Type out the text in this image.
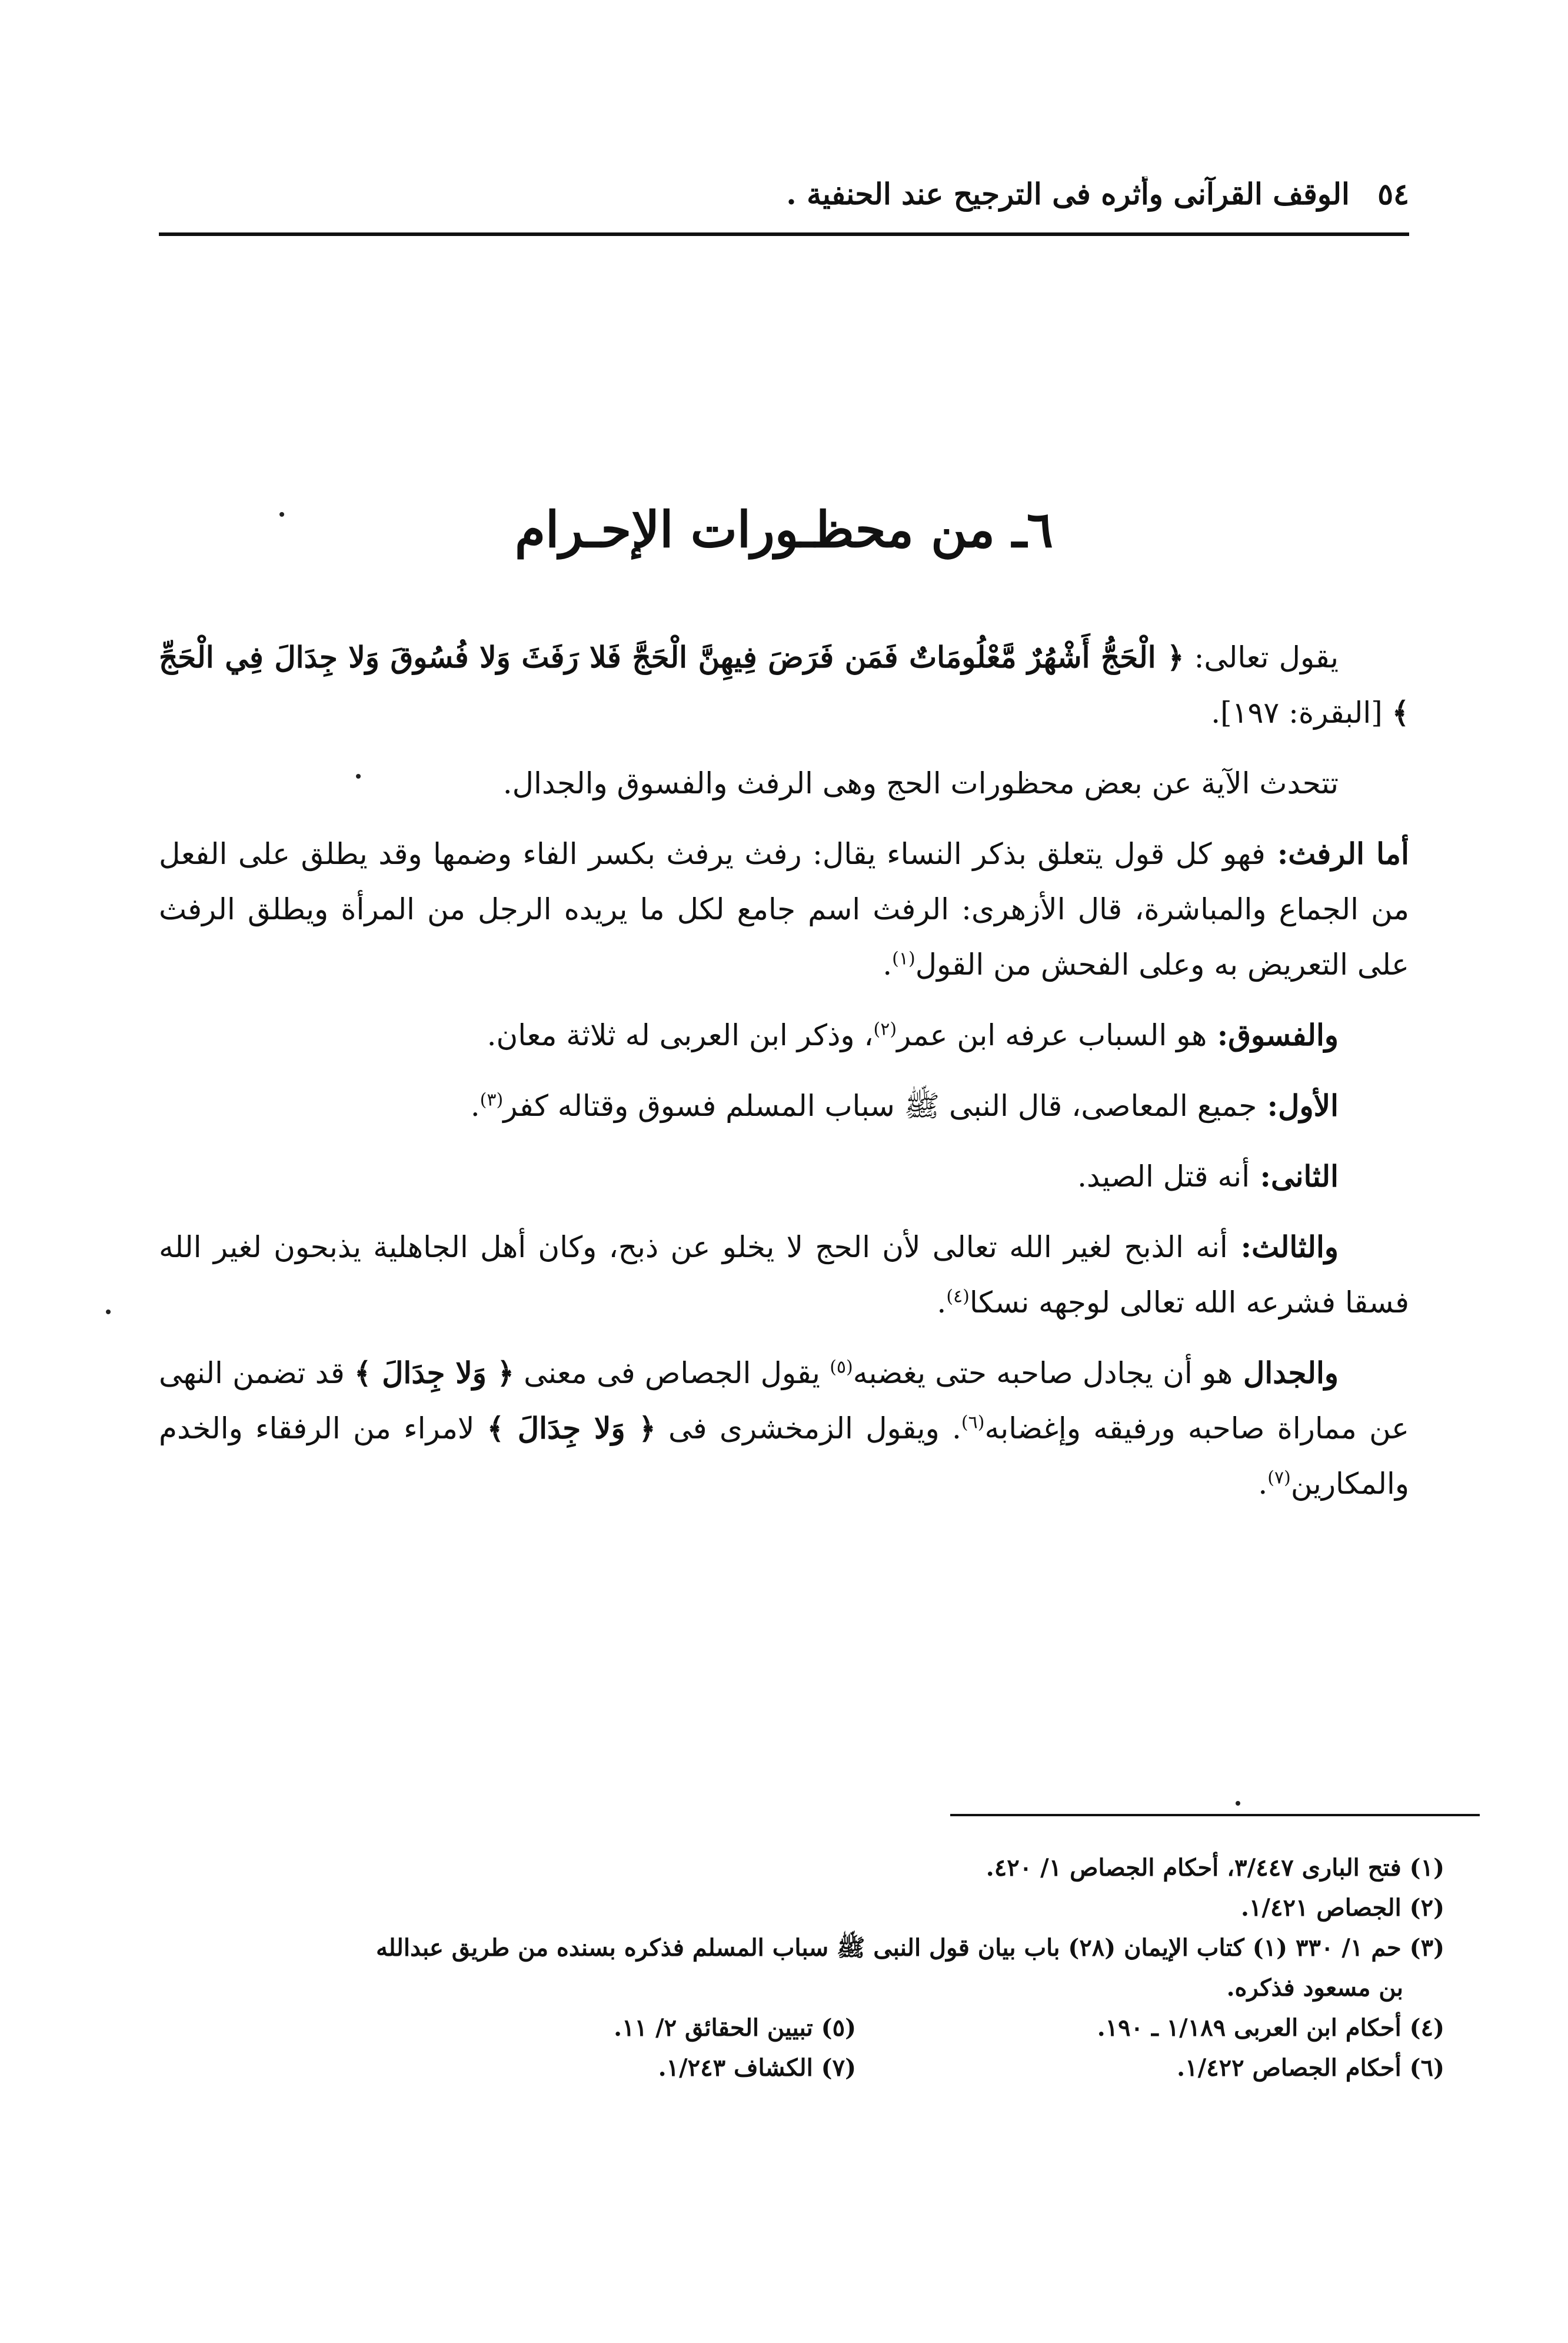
٥٤ الوقف القرآنى وأثره فى الترجيح عند الحنفية .
٦ـ من محظـورات الإحـرام

يقول تعالى: ﴿ الْحَجُّ أَشْهُرٌ مَّعْلُومَاتٌ فَمَن فَرَضَ فِيهِنَّ الْحَجَّ فَلا رَفَثَ وَلا فُسُوقَ وَلا جِدَالَ فِي الْحَجِّ ﴾ [البقرة: ١٩٧].

تتحدث الآية عن بعض محظورات الحج وهى الرفث والفسوق والجدال.

أما الرفث: فهو كل قول يتعلق بذكر النساء يقال: رفث يرفث بكسر الفاء وضمها وقد يطلق على الفعل من الجماع والمباشرة، قال الأزهرى: الرفث اسم جامع لكل ما يريده الرجل من المرأة ويطلق الرفث على التعريض به وعلى الفحش من القول$^{(١)}$.

والفسوق: هو السباب عرفه ابن عمر$^{(٢)}$، وذكر ابن العربى له ثلاثة معان.

الأول: جميع المعاصى، قال النبى ﷺ سباب المسلم فسوق وقتاله كفر$^{(٣)}$.

الثانى: أنه قتل الصيد.

والثالث: أنه الذبح لغير الله تعالى لأن الحج لا يخلو عن ذبح، وكان أهل الجاهلية يذبحون لغير الله فسقا فشرعه الله تعالى لوجهه نسكا$^{(٤)}$.

والجدال هو أن يجادل صاحبه حتى يغضبه$^{(٥)}$ يقول الجصاص فى معنى ﴿ وَلا جِدَالَ ﴾ قد تضمن النهى عن مماراة صاحبه ورفيقه وإغضابه$^{(٦)}$. ويقول الزمخشرى فى ﴿ وَلا جِدَالَ ﴾ لامراء من الرفقاء والخدم والمكارين$^{(٧)}$.

(١) فتح البارى ٣/٤٤٧، أحكام الجصاص ١/ ٤٢٠.
(٢) الجصاص ١/٤٢١.
(٣) حم ١/ ٣٣٠ (١) كتاب الإيمان (٢٨) باب بيان قول النبى ﷺ سباب المسلم فذكره بسنده من طريق عبدالله
بن مسعود فذكره.
(٤) أحكام ابن العربى ١/١٨٩ ـ ١٩٠.
(٥) تبيين الحقائق ٢/ ١١.
(٦) أحكام الجصاص ١/٤٢٢.
(٧) الكشاف ١/٢٤٣.
